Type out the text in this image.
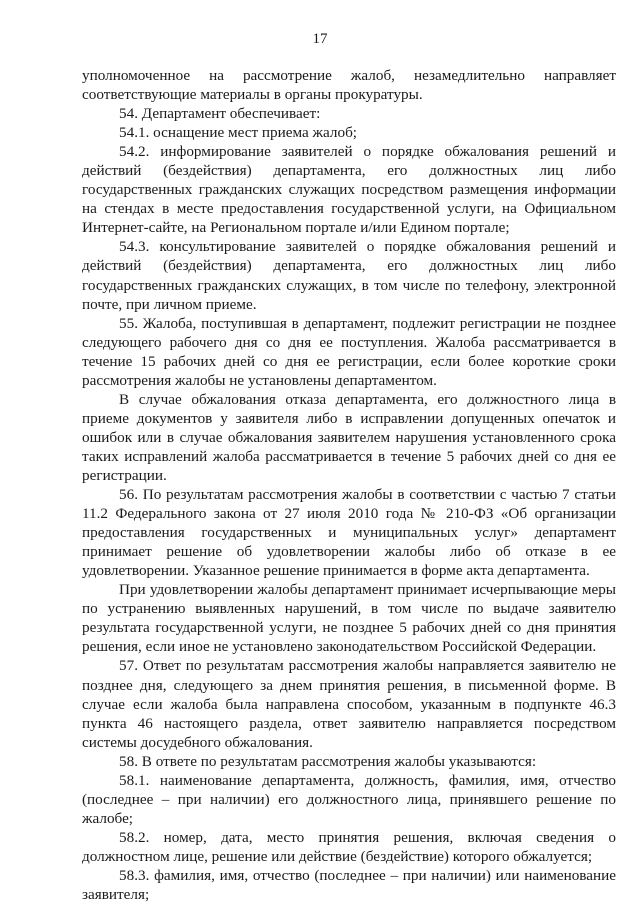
17

уполномоченное на рассмотрение жалоб, незамедлительно направляет соответствующие материалы в органы прокуратуры.

54. Департамент обеспечивает:

54.1. оснащение мест приема жалоб;

54.2. информирование заявителей о порядке обжалования решений и действий (бездействия) департамента, его должностных лиц либо государственных гражданских служащих посредством размещения информации на стендах в месте предоставления государственной услуги, на Официальном Интернет-сайте, на Региональном портале и/или Едином портале;

54.3. консультирование заявителей о порядке обжалования решений и действий (бездействия) департамента, его должностных лиц либо государственных гражданских служащих, в том числе по телефону, электронной почте, при личном приеме.

55. Жалоба, поступившая в департамент, подлежит регистрации не позднее следующего рабочего дня со дня ее поступления. Жалоба рассматривается в течение 15 рабочих дней со дня ее регистрации, если более короткие сроки рассмотрения жалобы не установлены департаментом.

В случае обжалования отказа департамента, его должностного лица в приеме документов у заявителя либо в исправлении допущенных опечаток и ошибок или в случае обжалования заявителем нарушения установленного срока таких исправлений жалоба рассматривается в течение 5 рабочих дней со дня ее регистрации.

56. По результатам рассмотрения жалобы в соответствии с частью 7 статьи 11.2 Федерального закона от 27 июля 2010 года № 210-ФЗ «Об организации предоставления государственных и муниципальных услуг» департамент принимает решение об удовлетворении жалобы либо об отказе в ее удовлетворении. Указанное решение принимается в форме акта департамента.

При удовлетворении жалобы департамент принимает исчерпывающие меры по устранению выявленных нарушений, в том числе по выдаче заявителю результата государственной услуги, не позднее 5 рабочих дней со дня принятия решения, если иное не установлено законодательством Российской Федерации.

57. Ответ по результатам рассмотрения жалобы направляется заявителю не позднее дня, следующего за днем принятия решения, в письменной форме. В случае если жалоба была направлена способом, указанным в подпункте 46.3 пункта 46 настоящего раздела, ответ заявителю направляется посредством системы досудебного обжалования.

58. В ответе по результатам рассмотрения жалобы указываются:

58.1. наименование департамента, должность, фамилия, имя, отчество (последнее – при наличии) его должностного лица, принявшего решение по жалобе;

58.2. номер, дата, место принятия решения, включая сведения о должностном лице, решение или действие (бездействие) которого обжалуется;

58.3. фамилия, имя, отчество (последнее – при наличии) или наименование заявителя;
